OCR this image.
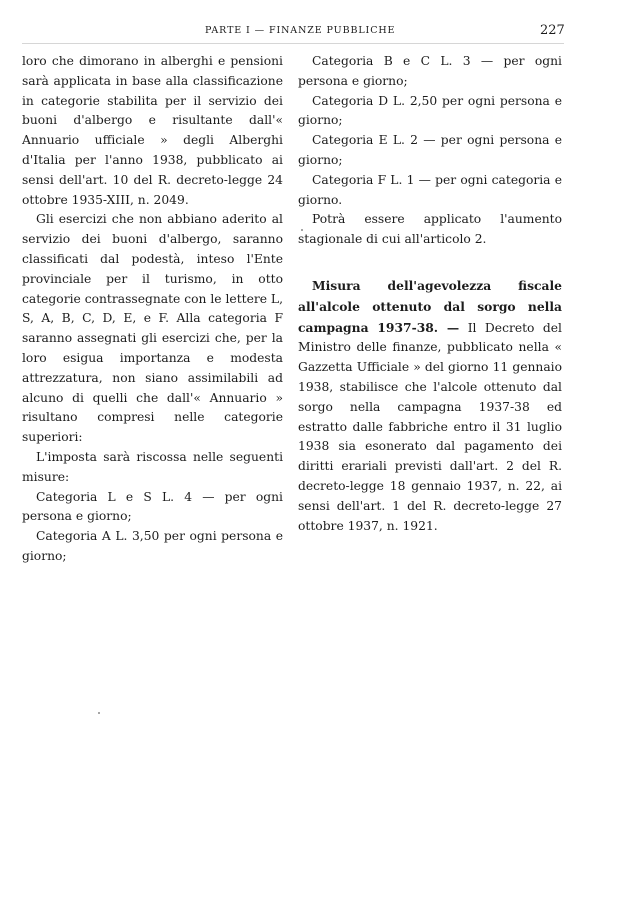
PARTE I — FINANZE PUBBLICHE	227

loro che dimorano in alberghi e pensioni sarà applicata in base alla classificazione in categorie stabilita per il servizio dei buoni d'albergo e risultante dall'« Annuario ufficiale » degli Alberghi d'Italia per l'anno 1938, pubblicato ai sensi dell'art. 10 del R. decreto-legge 24 ottobre 1935-XIII, n. 2049.

Gli esercizi che non abbiano aderito al servizio dei buoni d'albergo, saranno classificati dal podestà, inteso l'Ente provinciale per il turismo, in otto categorie contrassegnate con le lettere L, S, A, B, C, D, E, e F. Alla categoria F saranno assegnati gli esercizi che, per la loro esigua importanza e modesta attrezzatura, non siano assimilabili ad alcuno di quelli che dall'« Annuario » risultano compresi nelle categorie superiori:

L'imposta sarà riscossa nelle seguenti misure:

Categoria L e S L. 4 — per ogni persona e giorno;

Categoria A L. 3,50 per ogni persona e giorno;

Categoria B e C L. 3 — per ogni persona e giorno;

Categoria D L. 2,50 per ogni persona e giorno;

Categoria E L. 2 — per ogni persona e giorno;

Categoria F L. 1 — per ogni categoria e giorno.

Potrà essere applicato l'aumento stagionale di cui all'articolo 2.

Misura dell'agevolezza fiscale all'alcole ottenuto dal sorgo nella campagna 1937-38. — Il Decreto del Ministro delle finanze, pubblicato nella « Gazzetta Ufficiale » del giorno 11 gennaio 1938, stabilisce che l'alcole ottenuto dal sorgo nella campagna 1937-38 ed estratto dalle fabbriche entro il 31 luglio 1938 sia esonerato dal pagamento dei diritti erariali previsti dall'art. 2 del R. decreto-legge 18 gennaio 1937, n. 22, ai sensi dell'art. 1 del R. decreto-legge 27 ottobre 1937, n. 1921.
